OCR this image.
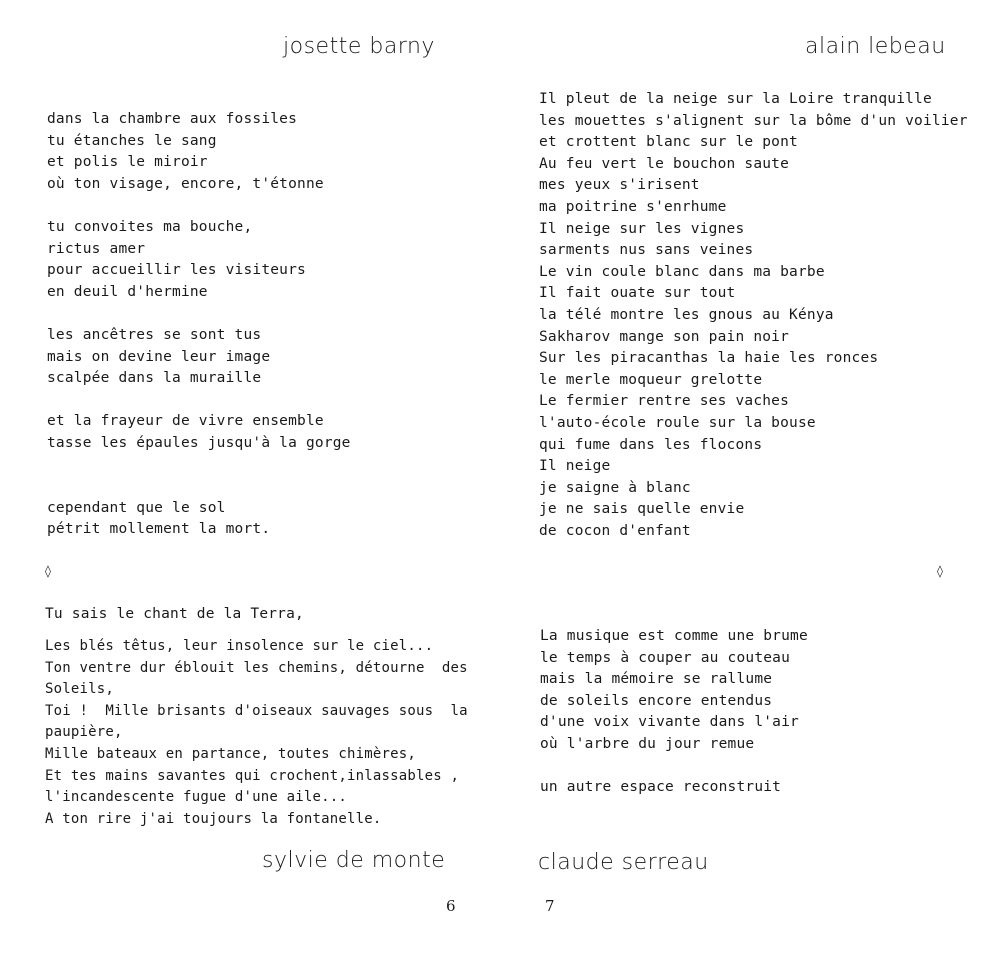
josette barny
dans la chambre aux fossiles
tu étanches le sang
et polis le miroir
où ton visage, encore, t'étonne
tu convoites ma bouche,
rictus amer
pour accueillir les visiteurs
en deuil d'hermine
les ancêtres se sont tus
mais on devine leur image
scalpée dans la muraille
et la frayeur de vivre ensemble
tasse les épaules jusqu'à la gorge
cependant que le sol
pétrit mollement la mort.
◊
Tu sais le chant de la Terra,
Les blés têtus, leur insolence sur le ciel...
Ton ventre dur éblouit les chemins, détourne  des
Soleils,
Toi !  Mille brisants d'oiseaux sauvages sous  la
paupière,
Mille bateaux en partance, toutes chimères,
Et tes mains savantes qui crochent,inlassables ,
l'incandescente fugue d'une aile...
A ton rire j'ai toujours la fontanelle.
sylvie de monte
6
alain lebeau
Il pleut de la neige sur la Loire tranquille
les mouettes s'alignent sur la bôme d'un voilier
et crottent blanc sur le pont
Au feu vert le bouchon saute
mes yeux s'irisent
ma poitrine s'enrhume
Il neige sur les vignes
sarments nus sans veines
Le vin coule blanc dans ma barbe
Il fait ouate sur tout
la télé montre les gnous au Kénya
Sakharov mange son pain noir
Sur les piracanthas la haie les ronces
le merle moqueur grelotte
Le fermier rentre ses vaches
l'auto-école roule sur la bouse
qui fume dans les flocons
Il neige
je saigne à blanc
je ne sais quelle envie
de cocon d'enfant
◊
La musique est comme une brume
le temps à couper au couteau
mais la mémoire se rallume
de soleils encore entendus
d'une voix vivante dans l'air
où l'arbre du jour remue
un autre espace reconstruit
claude serreau
7
